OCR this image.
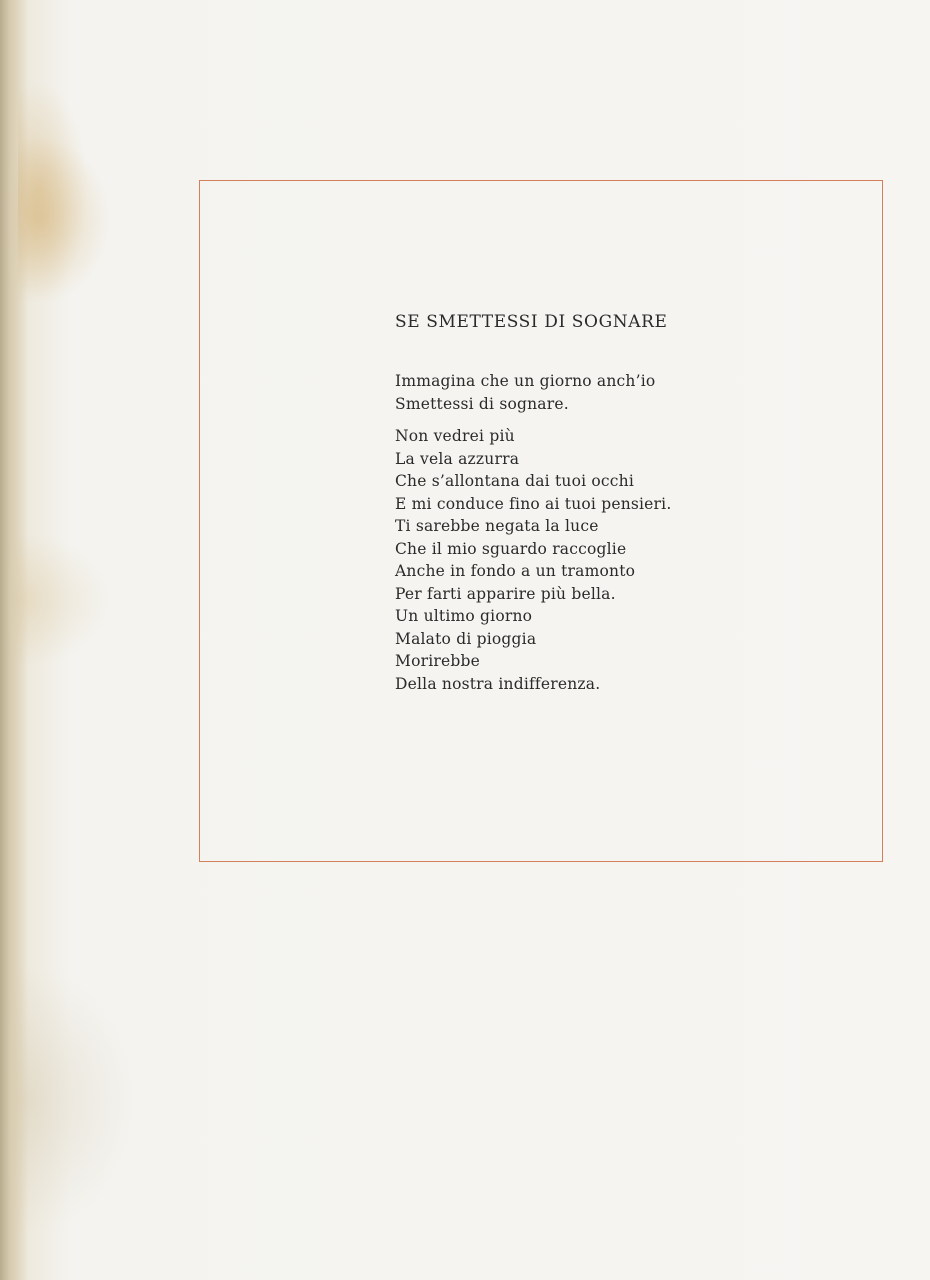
SE SMETTESSI DI SOGNARE
Immagina che un giorno anch’io
Smettessi di sognare.
Non vedrei più
La vela azzurra
Che s’allontana dai tuoi occhi
E mi conduce fino ai tuoi pensieri.
Ti sarebbe negata la luce
Che il mio sguardo raccoglie
Anche in fondo a un tramonto
Per farti apparire più bella.
Un ultimo giorno
Malato di pioggia
Morirebbe
Della nostra indifferenza.
